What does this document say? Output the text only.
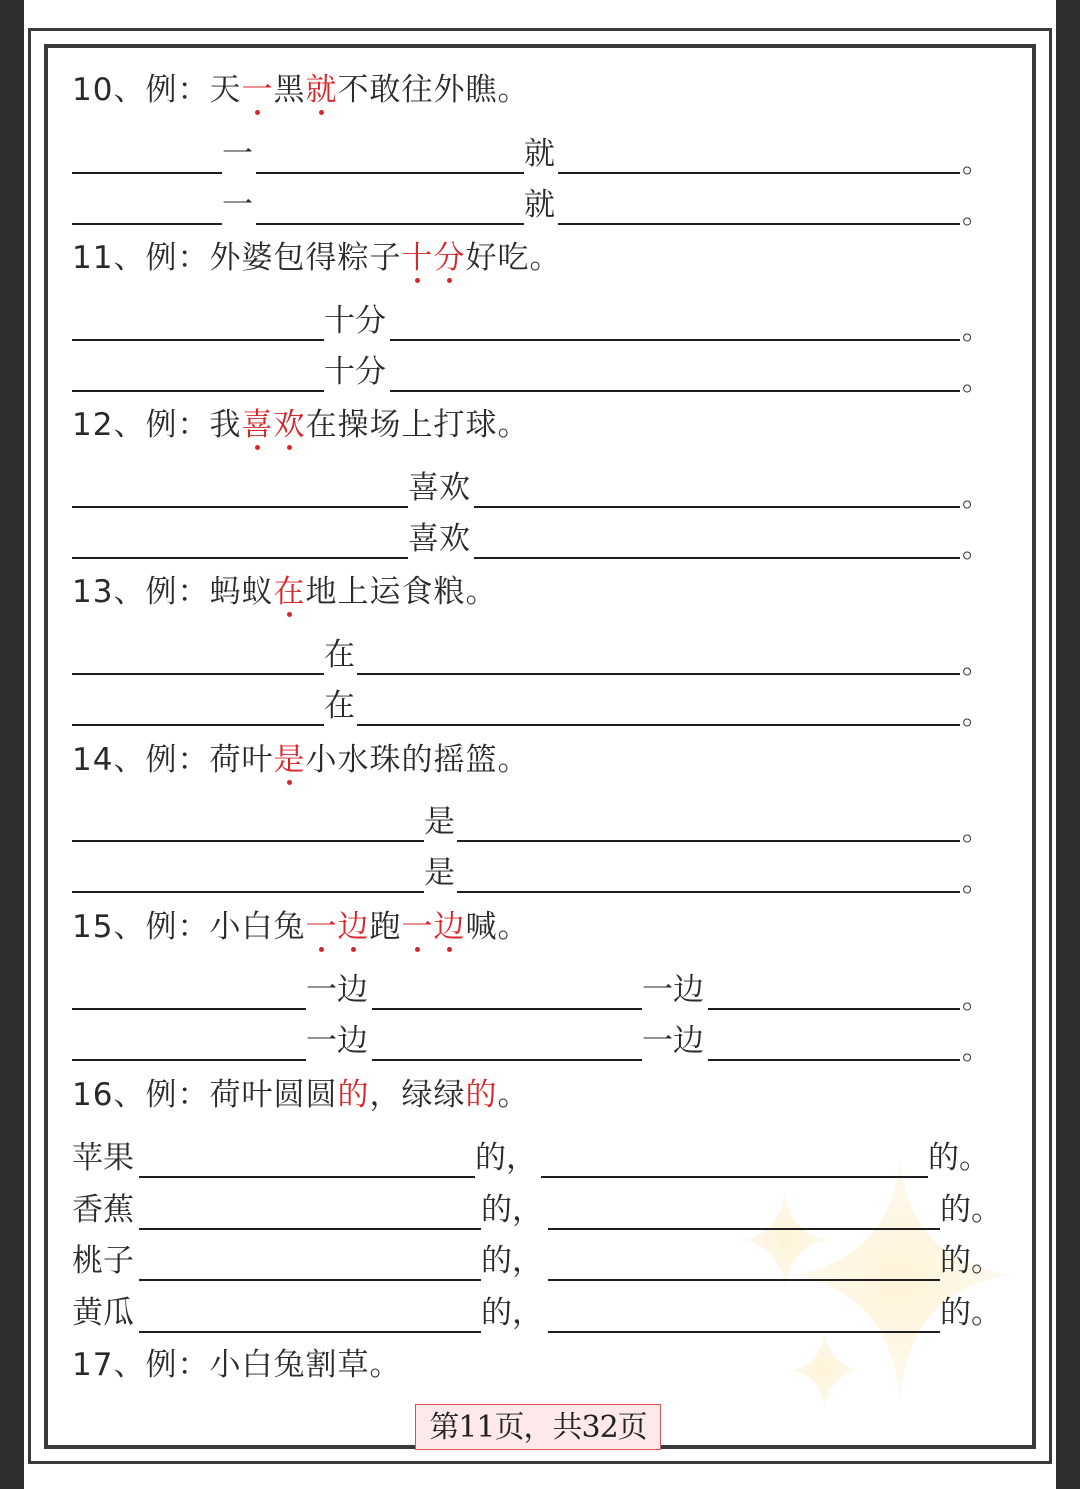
10、例：天一黑就不敢往外瞧。
一	就	。
一	就	。
11、例：外婆包得粽子十分好吃。
十分	。
十分	。
12、例：我喜欢在操场上打球。
喜欢	。
喜欢	。
13、例：蚂蚁在地上运食粮。
在	。
在	。
14、例：荷叶是小水珠的摇篮。
是	。
是	。
15、例：小白兔一边跑一边喊。
一边	一边	。
一边	一边	。
16、例：荷叶圆圆的，绿绿的。
苹果	的，	的。
香蕉	的，	的。
桃子	的，	的。
黄瓜	的，	的。
17、例：小白兔割草。
第11页，共32页
